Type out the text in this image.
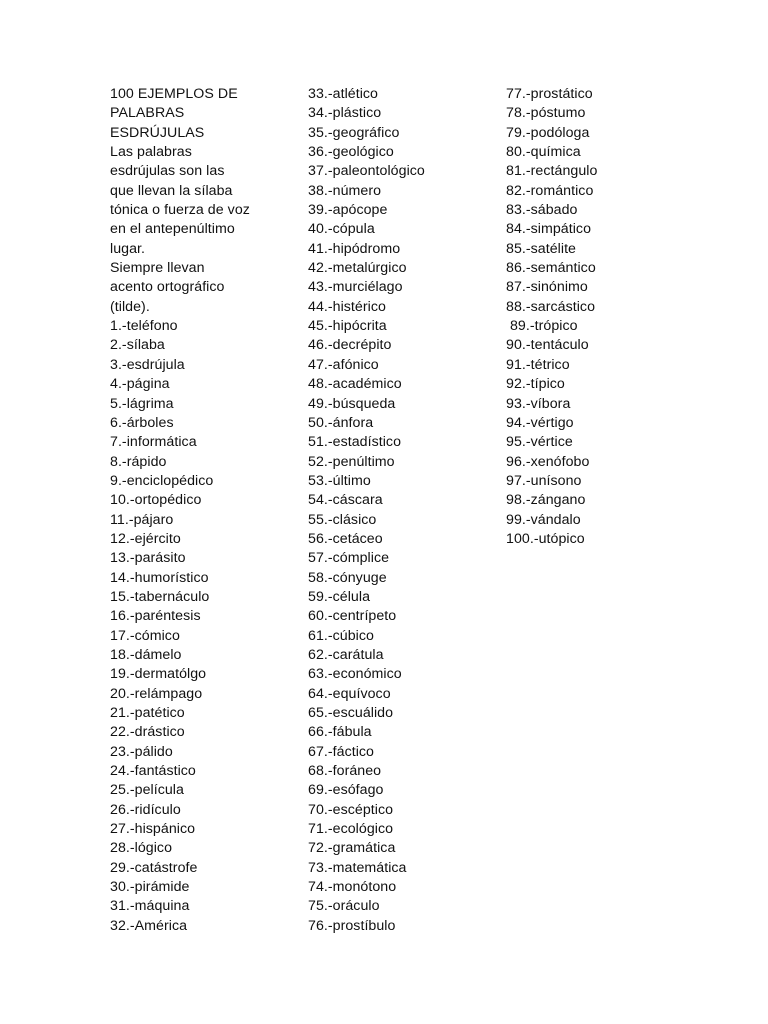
100 EJEMPLOS DE
PALABRAS
ESDRÚJULAS
Las palabras
esdrújulas son las
que llevan la sílaba
tónica o fuerza de voz
en el antepenúltimo
lugar.
Siempre llevan
acento ortográfico
(tilde).
1.-teléfono
2.-sílaba
3.-esdrújula
4.-página
5.-lágrima
6.-árboles
7.-informática
8.-rápido
9.-enciclopédico
10.-ortopédico
11.-pájaro
12.-ejército
13.-parásito
14.-humorístico
15.-tabernáculo
16.-paréntesis
17.-cómico
18.-dámelo
19.-dermatólgo
20.-relámpago
21.-patético
22.-drástico
23.-pálido
24.-fantástico
25.-película
26.-ridículo
27.-hispánico
28.-lógico
29.-catástrofe
30.-pirámide
31.-máquina
32.-América
33.-atlético
34.-plástico
35.-geográfico
36.-geológico
37.-paleontológico
38.-número
39.-apócope
40.-cópula
41.-hipódromo
42.-metalúrgico
43.-murciélago
44.-histérico
45.-hipócrita
46.-decrépito
47.-afónico
48.-académico
49.-búsqueda
50.-ánfora
51.-estadístico
52.-penúltimo
53.-último
54.-cáscara
55.-clásico
56.-cetáceo
57.-cómplice
58.-cónyuge
59.-célula
60.-centrípeto
61.-cúbico
62.-carátula
63.-económico
64.-equívoco
65.-escuálido
66.-fábula
67.-fáctico
68.-foráneo
69.-esófago
70.-escéptico
71.-ecológico
72.-gramática
73.-matemática
74.-monótono
75.-oráculo
76.-prostíbulo
77.-prostático
78.-póstumo
79.-podóloga
80.-química
81.-rectángulo
82.-romántico
83.-sábado
84.-simpático
85.-satélite
86.-semántico
87.-sinónimo
88.-sarcástico
89.-trópico
90.-tentáculo
91.-tétrico
92.-típico
93.-víbora
94.-vértigo
95.-vértice
96.-xenófobo
97.-unísono
98.-zángano
99.-vándalo
100.-utópico
